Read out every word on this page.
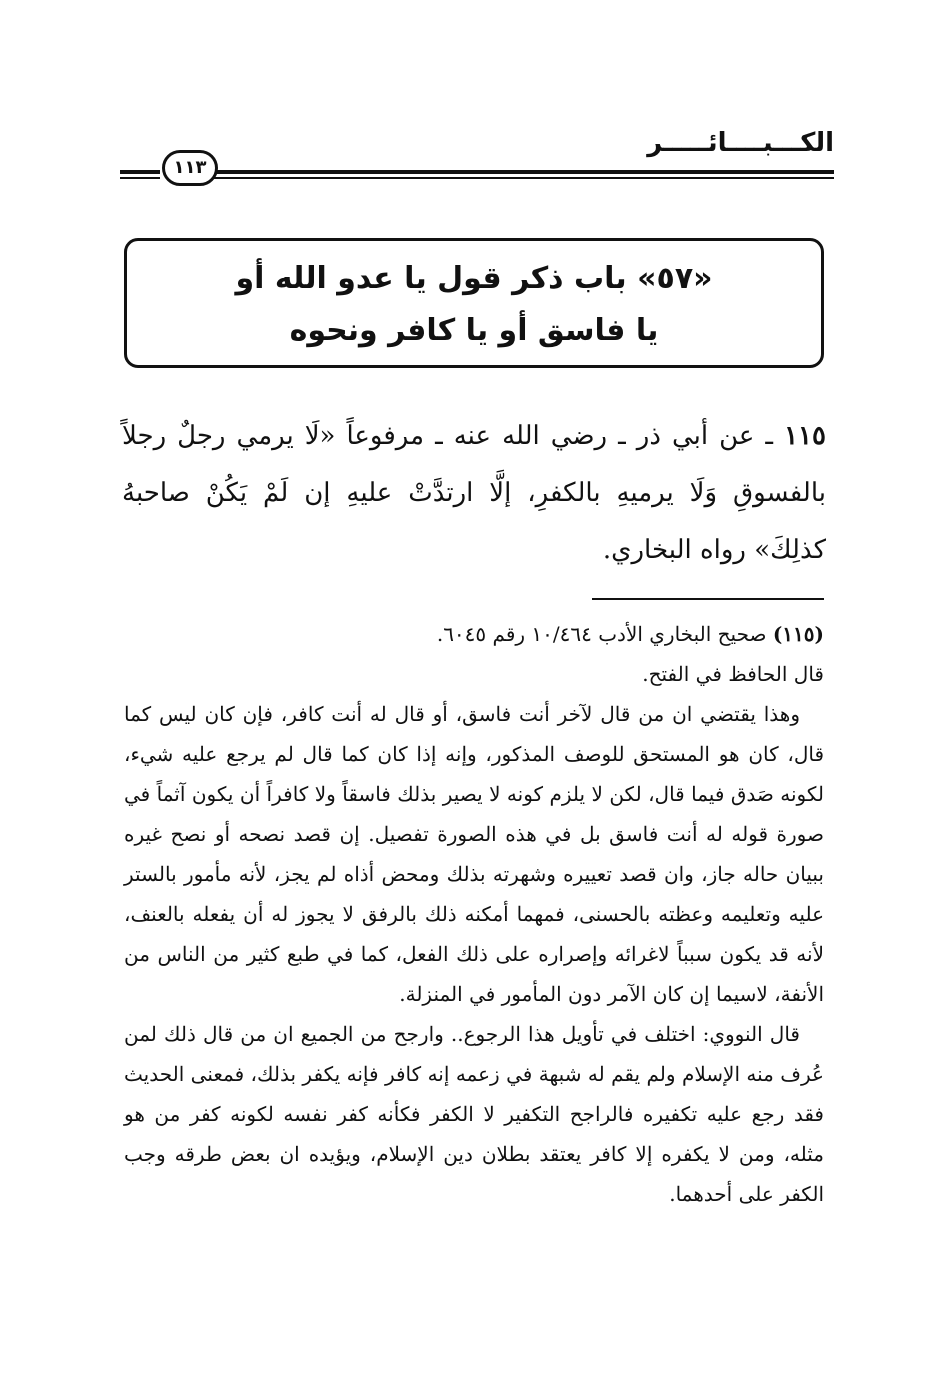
الكـــبــــائـــــر
١١٣
«٥٧» باب ذكر قول يا عدو الله أو
يا فاسق أو يا كافر ونحوه
١١٥ ـ عن أبي ذر ـ رضي الله عنه ـ مرفوعاً «لَا يرمي رجلٌ رجلاً بالفسوقِ وَلَا يرميهِ بالكفرِ، إلَّا ارتدَّتْ عليهِ إن لَمْ يَكُنْ صاحبهُ كذلِكَ» رواه البخاري.

(١١٥) صحيح البخاري الأدب ١٠/٤٦٤ رقم ٦٠٤٥.

قال الحافظ في الفتح.

وهذا يقتضي ان من قال لآخر أنت فاسق، أو قال له أنت كافر، فإن كان ليس كما قال، كان هو المستحق للوصف المذكور، وإنه إذا كان كما قال لم يرجع عليه شيء، لكونه صَدق فيما قال، لكن لا يلزم كونه لا يصير بذلك فاسقاً ولا كافراً أن يكون آثماً في صورة قوله له أنت فاسق بل في هذه الصورة تفصيل. إن قصد نصحه أو نصح غيره ببيان حاله جاز، وان قصد تعييره وشهرته بذلك ومحض أذاه لم يجز، لأنه مأمور بالستر عليه وتعليمه وعظته بالحسنى، فمهما أمكنه ذلك بالرفق لا يجوز له أن يفعله بالعنف، لأنه قد يكون سبباً لاغرائه وإصراره على ذلك الفعل، كما في طبع كثير من الناس من الأنفة، لاسيما إن كان الآمر دون المأمور في المنزلة.

قال النووي: اختلف في تأويل هذا الرجوع.. وارجح من الجميع ان من قال ذلك لمن عُرف منه الإسلام ولم يقم له شبهة في زعمه إنه كافر فإنه يكفر بذلك، فمعنى الحديث فقد رجع عليه تكفيره فالراجح التكفير لا الكفر فكأنه كفر نفسه لكونه كفر من هو مثله، ومن لا يكفره إلا كافر يعتقد بطلان دين الإسلام، ويؤيده ان بعض طرقه وجب الكفر على أحدهما.
